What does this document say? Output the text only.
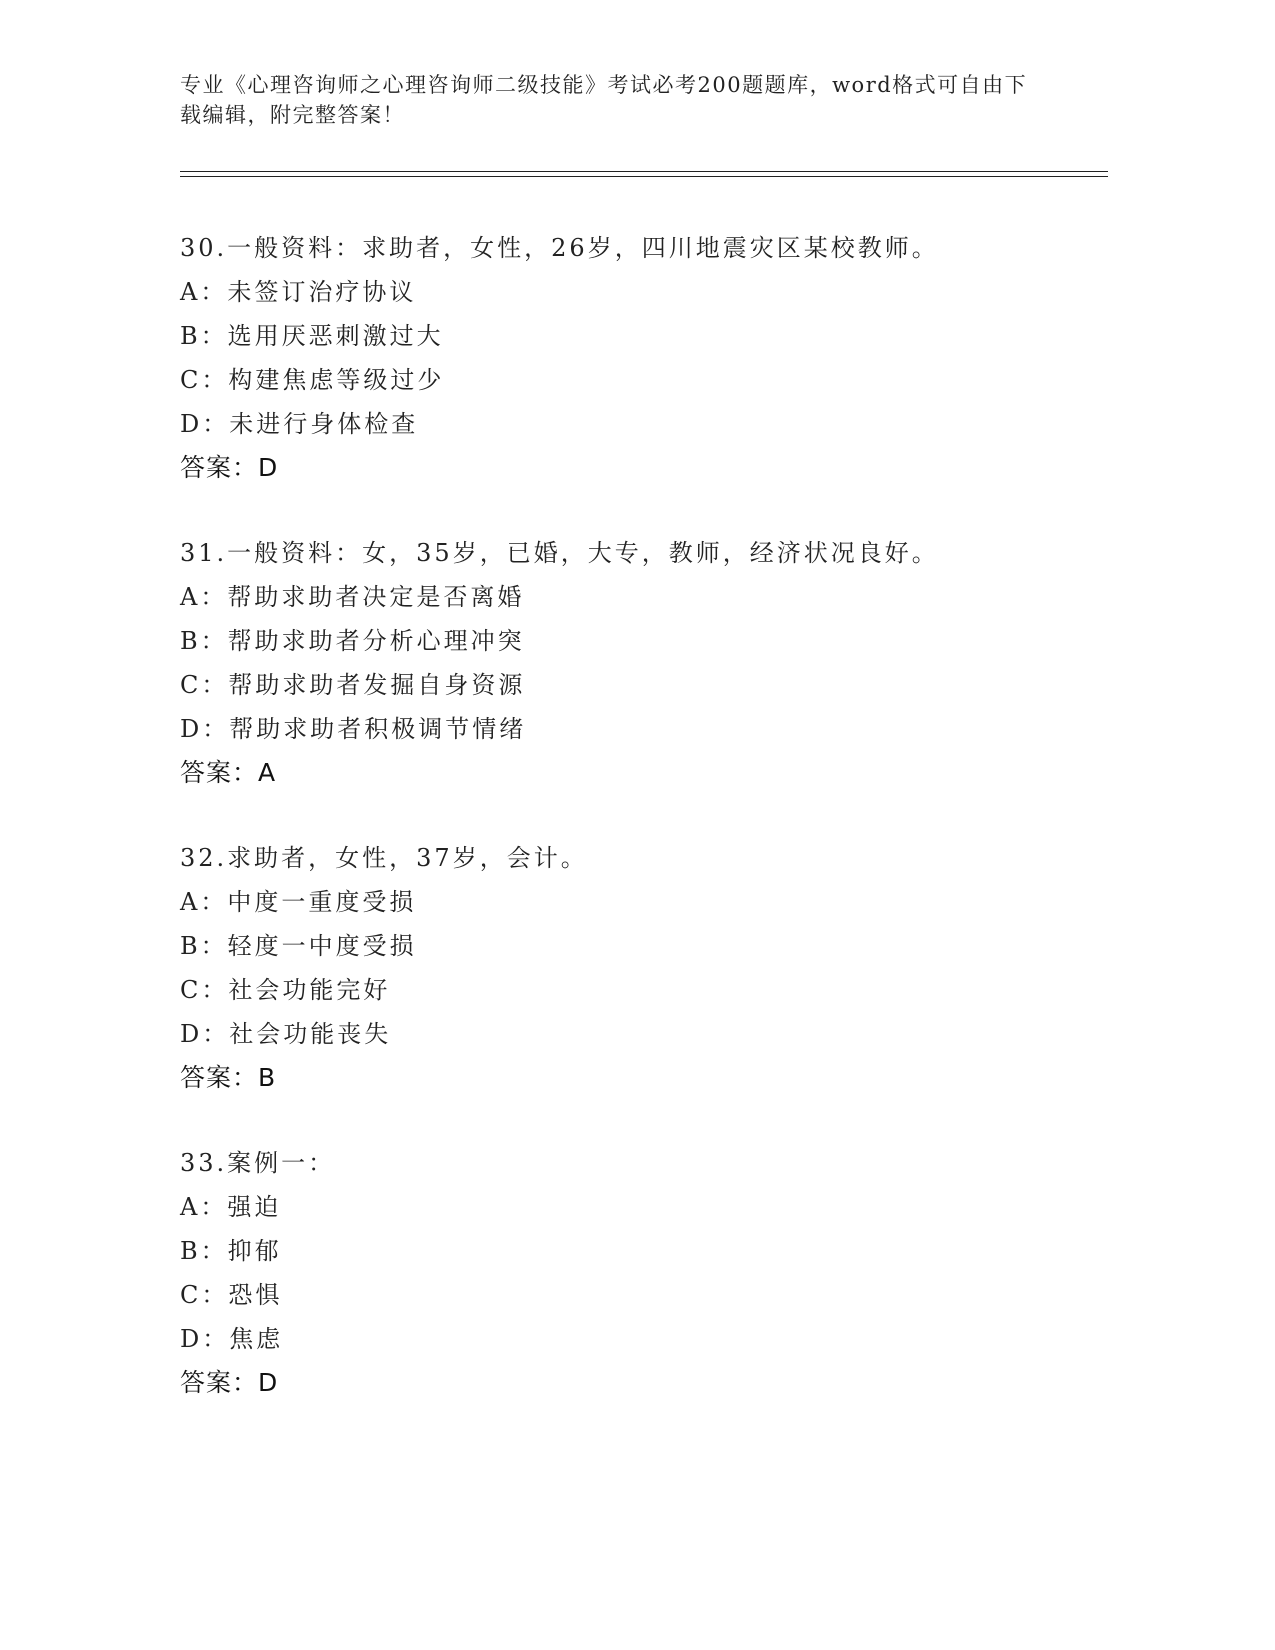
专业《心理咨询师之心理咨询师二级技能》考试必考200题题库，word格式可自由下载编辑，附完整答案！
30.一般资料：求助者，女性，26岁，四川地震灾区某校教师。
A：未签订治疗协议
B：选用厌恶刺激过大
C：构建焦虑等级过少
D：未进行身体检查
答案：D
31.一般资料：女，35岁，已婚，大专，教师，经济状况良好。
A：帮助求助者决定是否离婚
B：帮助求助者分析心理冲突
C：帮助求助者发掘自身资源
D：帮助求助者积极调节情绪
答案：A
32.求助者，女性，37岁，会计。
A：中度一重度受损
B：轻度一中度受损
C：社会功能完好
D：社会功能丧失
答案：B
33.案例一：
A：强迫
B：抑郁
C：恐惧
D：焦虑
答案：D
